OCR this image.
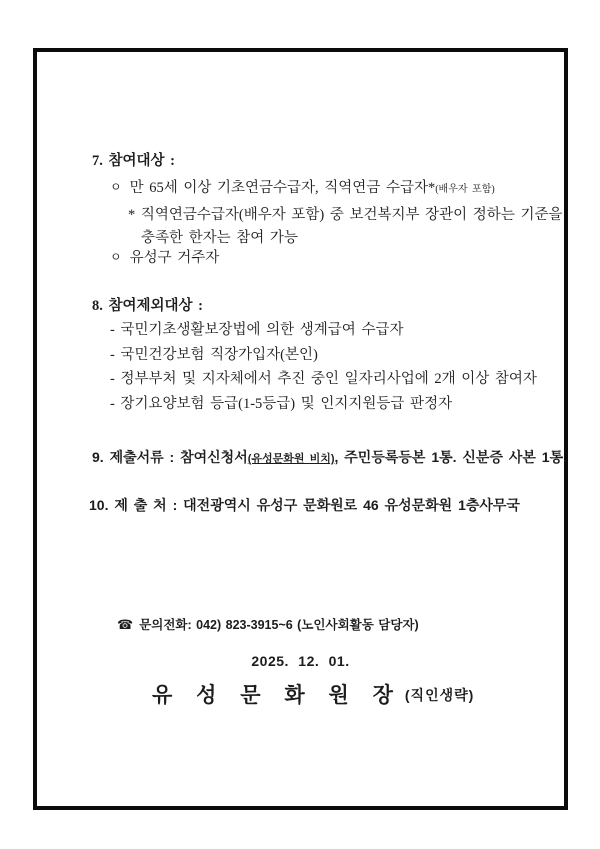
7. 참여대상 :
ㅇ 만 65세 이상 기초연금수급자, 직역연금 수급자*(배우자 포함)
* 직역연금수급자(배우자 포함) 중 보건복지부 장관이 정하는 기준을
충족한 한자는 참여 가능
ㅇ 유성구 거주자
8. 참여제외대상 :
- 국민기초생활보장법에 의한 생계급여 수급자
- 국민건강보험 직장가입자(본인)
- 정부부처 및 지자체에서 추진 중인 일자리사업에 2개 이상 참여자
- 장기요양보험 등급(1-5등급) 및 인지지원등급 판정자
9. 제출서류 : 참여신청서(유성문화원 비치), 주민등록등본 1통. 신분증 사본 1통.
10. 제 출 처 : 대전광역시 유성구 문화원로 46 유성문화원 1층사무국
☎ 문의전화: 042) 823-3915~6 (노인사회활동 담당자)
2025. 12. 01.
유 성 문 화 원 장 (직인생략)
